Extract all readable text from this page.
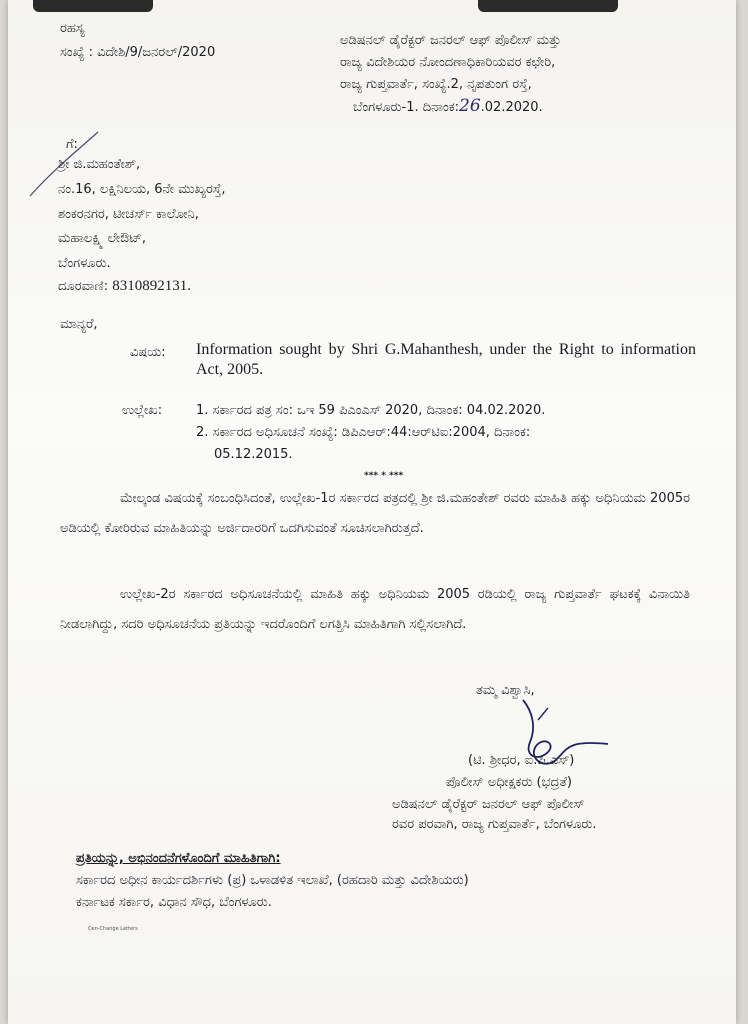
ರಹಸ್ಯ
ಸಂಖ್ಯೆ : ವಿದೇಶಿ/9/ಜನರಲ್/2020
ಅಡಿಷನಲ್ ಡೈರೆಕ್ಟರ್ ಜನರಲ್ ಆಫ್ ಪೊಲೀಸ್ ಮತ್ತು
ರಾಜ್ಯ ವಿದೇಶಿಯರ ನೋಂದಣಾಧಿಕಾರಿಯವರ ಕಛೇರಿ,
ರಾಜ್ಯ ಗುಪ್ತವಾರ್ತೆ, ಸಂಖ್ಯೆ.2, ನೃಪತುಂಗ ರಸ್ತೆ,
ಬೆಂಗಳೂರು-1. ದಿನಾಂಕ:26.02.2020.
ಗೆ:
ಶ್ರೀ ಜಿ.ಮಹಂತೇಶ್,
ನಂ.16, ಲಕ್ಷಿನಿಲಯ, 6ನೇ ಮುಖ್ಯರಸ್ತೆ,
ಶಂಕರನಗರ, ಟೀಚರ್ಸ್ ಕಾಲೋನಿ,
ಮಹಾಲಕ್ಷ್ಮಿ ಲೇಔಟ್,
ಬೆಂಗಳೂರು.
ದೂರವಾಣಿ: 8310892131.
ಮಾನ್ಯರೆ,
ವಿಷಯ: Information sought by Shri G.Mahanthesh, under the Right to information Act, 2005.
ಉಲ್ಲೇಖ:	1. ಸರ್ಕಾರದ ಪತ್ರ ಸಂ: ಒಇ 59 ಪಿಎಂಎಸ್ 2020, ದಿನಾಂಕ: 04.02.2020.
2. ಸರ್ಕಾರದ ಅಧಿಸೂಚನೆ ಸಂಖ್ಯೆ: ಡಿಪಿಎಆರ್:44:ಆರ್‌ಟಿಐ:2004, ದಿನಾಂಕ:
05.12.2015.
*** * ***
ಮೇಲ್ಕಂಡ ವಿಷಯಕ್ಕೆ ಸಂಬಂಧಿಸಿದಂತೆ, ಉಲ್ಲೇಖ-1ರ ಸರ್ಕಾರದ ಪತ್ರದಲ್ಲಿ ಶ್ರೀ ಜಿ.ಮಹಂತೇಶ್ ರವರು ಮಾಹಿತಿ ಹಕ್ಕು ಅಧಿನಿಯಮ 2005ರ ಅಡಿಯಲ್ಲಿ ಕೋರಿರುವ ಮಾಹಿತಿಯನ್ನು ಅರ್ಜಿದಾರರಿಗೆ ಒದಗಿಸುವಂತೆ ಸೂಚಿಸಲಾಗಿರುತ್ತದೆ.
ಉಲ್ಲೇಖ-2ರ ಸರ್ಕಾರದ ಅಧಿಸೂಚನೆಯಲ್ಲಿ ಮಾಹಿತಿ ಹಕ್ಕು ಅಧಿನಿಯಮ 2005 ರಡಿಯಲ್ಲಿ ರಾಜ್ಯ ಗುಪ್ತವಾರ್ತೆ ಘಟಕಕ್ಕೆ ವಿನಾಯಿತಿ ನೀಡಲಾಗಿದ್ದು, ಸದರಿ ಅಧಿಸೂಚನೆಯ ಪ್ರತಿಯನ್ನು ಇದರೊಂದಿಗೆ ಲಗತ್ತಿಸಿ ಮಾಹಿತಿಗಾಗಿ ಸಲ್ಲಿಸಲಾಗಿದೆ.
ತಮ್ಮ ವಿಶ್ವಾಸಿ,
(ಟಿ. ಶ್ರೀಧರ, ಐ.ಪಿ.ಎಸ್)
ಪೊಲೀಸ್ ಅಧೀಕ್ಷಕರು (ಭದ್ರತೆ)
ಅಡಿಷನಲ್ ಡೈರೆಕ್ಟರ್ ಜನರಲ್ ಆಫ್ ಪೊಲೀಸ್
ರವರ ಪರವಾಗಿ, ರಾಜ್ಯ ಗುಪ್ತವಾರ್ತೆ, ಬೆಂಗಳೂರು.
ಪ್ರತಿಯನ್ನು, ಅಭಿನಂದನೆಗಳೊಂದಿಗೆ ಮಾಹಿತಿಗಾಗಿ:
ಸರ್ಕಾರದ ಅಧೀನ ಕಾರ್ಯದರ್ಶಿಗಳು (ಪ್ರ) ಒಳಾಡಳಿತ ಇಲಾಖೆ, (ರಹದಾರಿ ಮತ್ತು ವಿದೇಶಿಯರು)
ಕರ್ನಾಟಕ ಸರ್ಕಾರ, ವಿಧಾನ ಸೌಧ, ಬೆಂಗಳೂರು.
Cen-Change Letters
